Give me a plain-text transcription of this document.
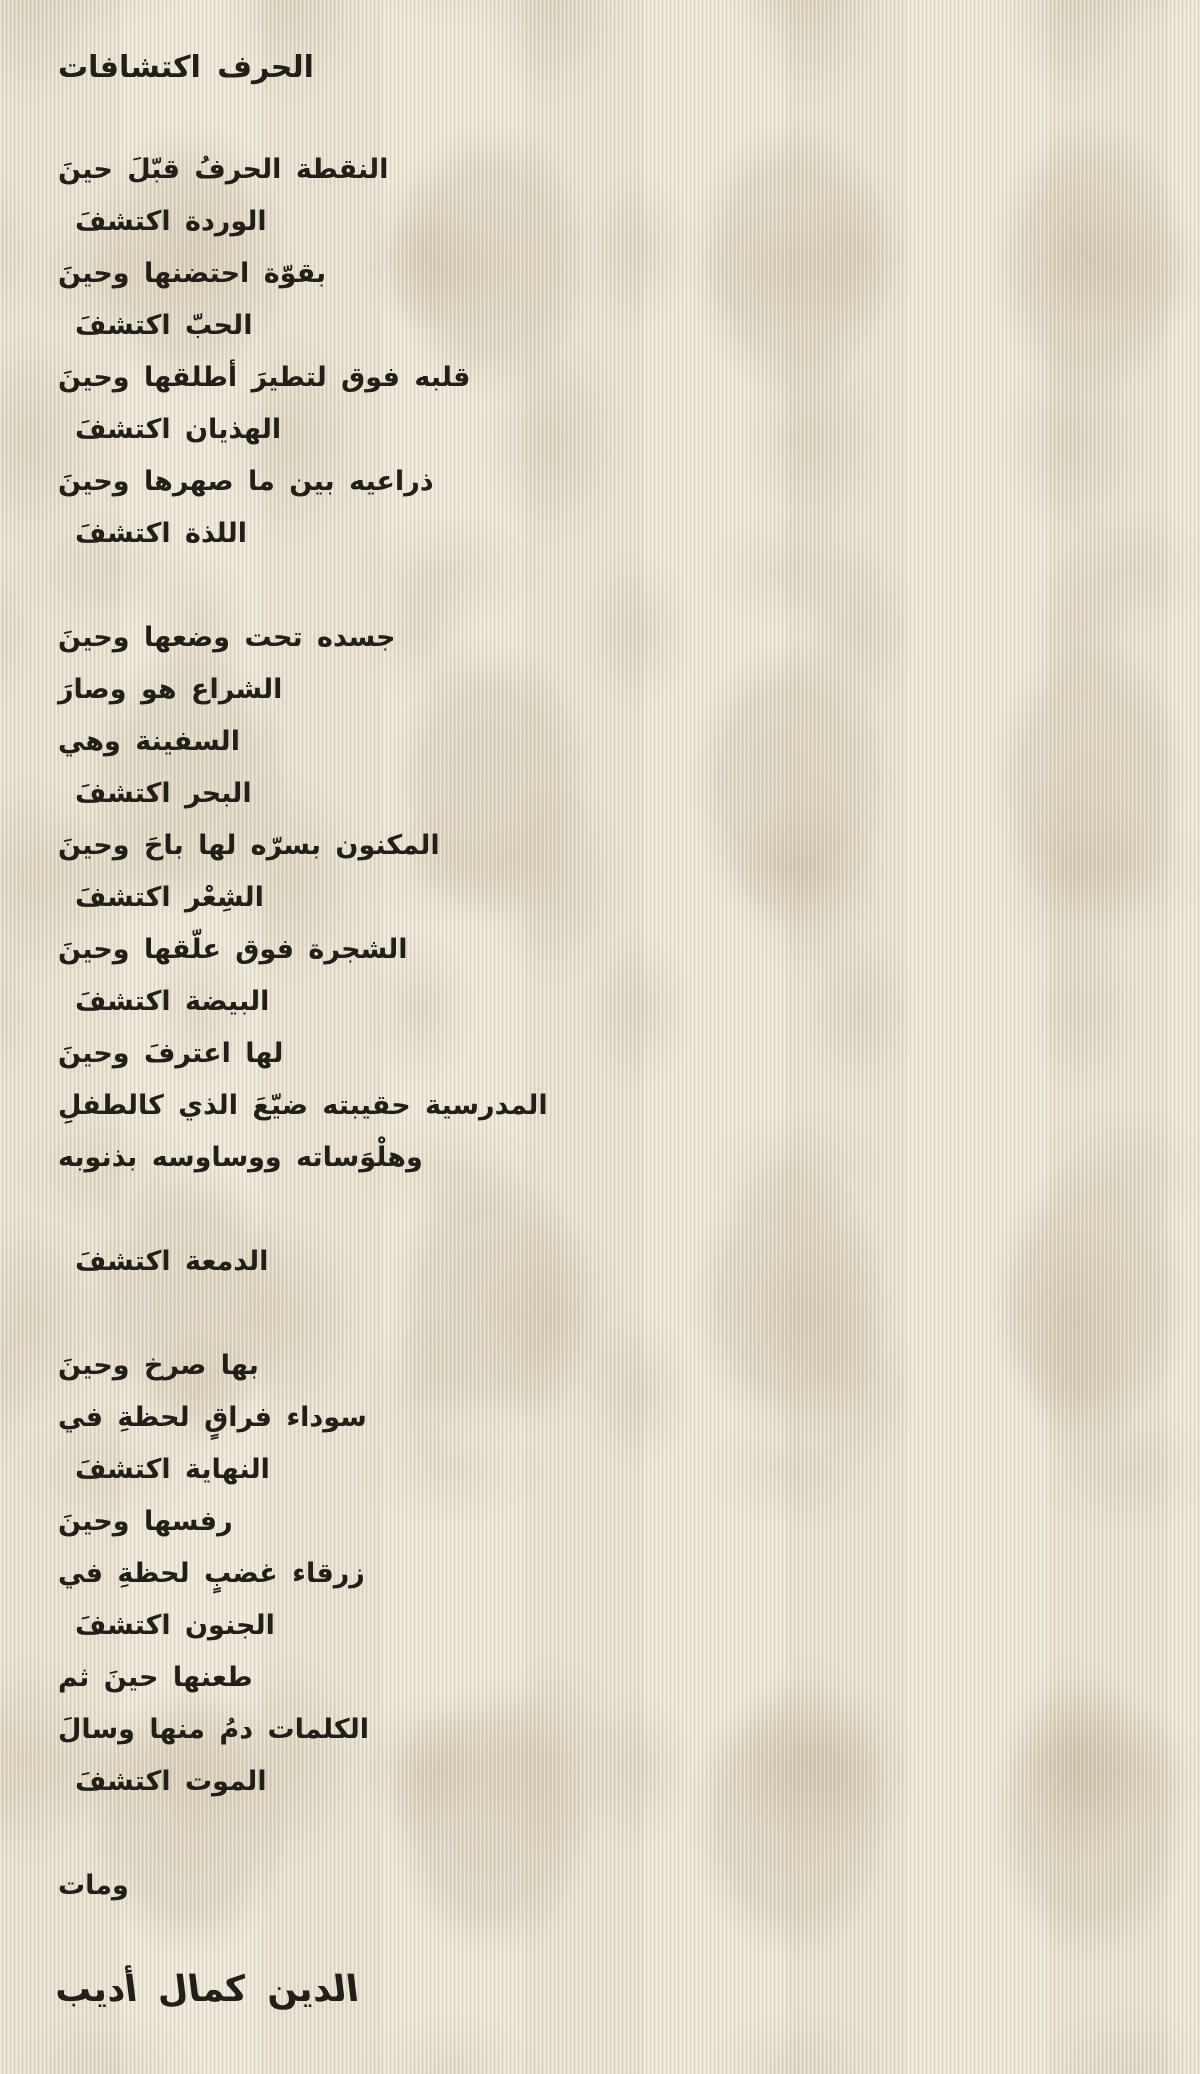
اكتشافات الحرف
حينَ قبّلَ الحرفُ النقطة
اكتشفَ الوردة
وحينَ احتضنها بقوّة
اكتشفَ الحبّ
وحينَ أطلقها لتطيرَ فوق قلبه
اكتشفَ الهذيان
وحينَ صهرها ما بين ذراعيه
اكتشفَ اللذة
وحينَ وضعها تحت جسده
وصارَ هو الشراع
وهي السفينة
اكتشفَ البحر
وحينَ باحَ لها بسرّه المكنون
اكتشفَ الشِعْر
وحينَ علّقها فوق الشجرة
اكتشفَ البيضة
وحينَ اعترفَ لها
كالطفلِ الذي ضيّعَ حقيبته المدرسية
بذنوبه ووساوسه وهلْوَساته
اكتشفَ الدمعة
وحينَ صرخ بها
في لحظةِ فراقٍ سوداء
اكتشفَ النهاية
وحينَ رفسها
في لحظةِ غضبٍ زرقاء
اكتشفَ الجنون
ثم حينَ طعنها
وسالَ منها دمُ الكلمات
اكتشفَ الموت
ومات
أديب كمال الدين
